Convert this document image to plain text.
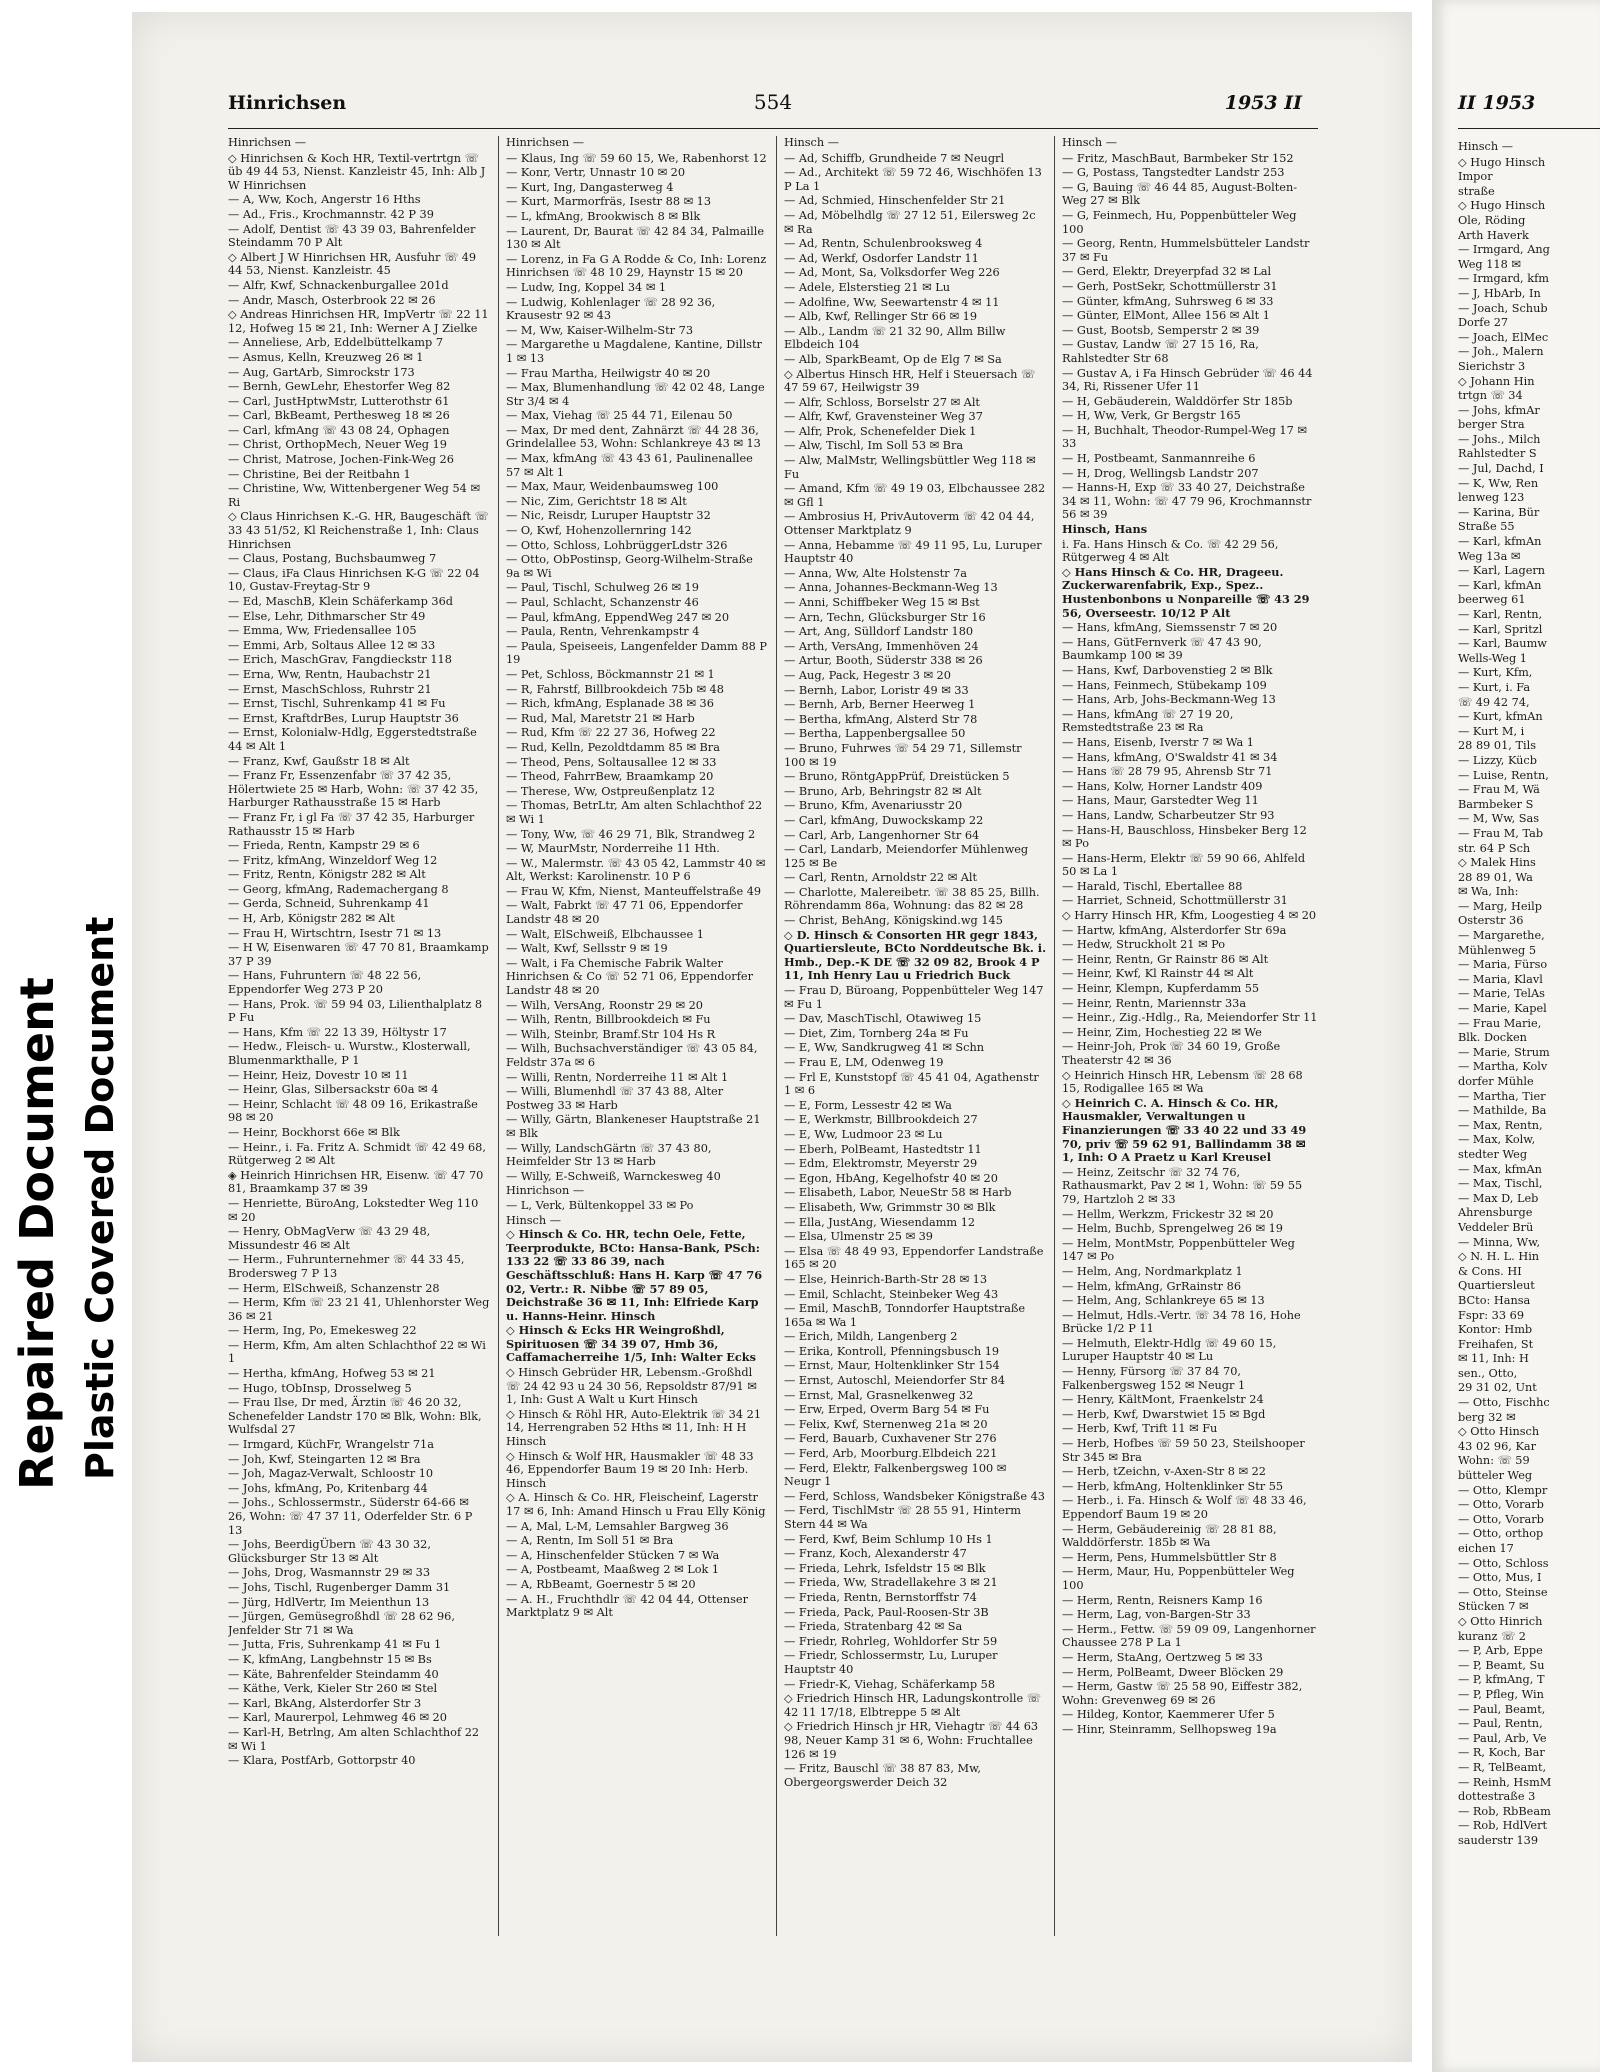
Repaired Document Plastic Covered Document
Hinrichsen	554	1953 II
Hinrichsen —
◇ Hinrichsen & Koch HR, Textil-vertrtgn ☏ üb 49 44 53, Nienst. Kanzleistr 45, Inh: Alb J W Hinrichsen
— A, Ww, Koch, Angerstr 16 Hths
— Ad., Fris., Krochmannstr. 42 P 39
— Adolf, Dentist ☏ 43 39 03, Bahrenfelder Steindamm 70 P Alt
◇ Albert J W Hinrichsen HR, Ausfuhr ☏ 49 44 53, Nienst. Kanzleistr. 45
— Alfr, Kwf, Schnackenburgallee 201d
— Andr, Masch, Osterbrook 22 ✉ 26
◇ Andreas Hinrichsen HR, ImpVertr ☏ 22 11 12, Hofweg 15 ✉ 21, Inh: Werner A J Zielke
— Anneliese, Arb, Eddelbüttelkamp 7
— Asmus, Kelln, Kreuzweg 26 ✉ 1
— Aug, GartArb, Simrockstr 173
— Bernh, GewLehr, Ehestorfer Weg 82
— Carl, JustHptwMstr, Lutterothstr 61
— Carl, BkBeamt, Perthesweg 18 ✉ 26
— Carl, kfmAng ☏ 43 08 24, Ophagen
— Christ, OrthopMech, Neuer Weg 19
— Christ, Matrose, Jochen-Fink-Weg 26
— Christine, Bei der Reitbahn 1
— Christine, Ww, Wittenbergener Weg 54 ✉ Ri
◇ Claus Hinrichsen K.-G. HR, Baugeschäft ☏ 33 43 51/52, Kl Reichenstraße 1, Inh: Claus Hinrichsen
— Claus, Postang, Buchsbaumweg 7
— Claus, iFa Claus Hinrichsen K-G ☏ 22 04 10, Gustav-Freytag-Str 9
— Ed, MaschB, Klein Schäferkamp 36d
— Else, Lehr, Dithmarscher Str 49
— Emma, Ww, Friedensallee 105
— Emmi, Arb, Soltaus Allee 12 ✉ 33
— Erich, MaschGrav, Fangdieckstr 118
— Erna, Ww, Rentn, Haubachstr 21
— Ernst, MaschSchloss, Ruhrstr 21
— Ernst, Tischl, Suhrenkamp 41 ✉ Fu
— Ernst, KraftdrBes, Lurup Hauptstr 36
— Ernst, Kolonialw-Hdlg, Eggerstedtstraße 44 ✉ Alt 1
— Franz, Kwf, Gaußstr 18 ✉ Alt
— Franz Fr, Essenzenfabr ☏ 37 42 35, Hölertwiete 25 ✉ Harb, Wohn: ☏ 37 42 35, Harburger Rathausstraße 15 ✉ Harb
— Franz Fr, i gl Fa ☏ 37 42 35, Harburger Rathausstr 15 ✉ Harb
— Frieda, Rentn, Kampstr 29 ✉ 6
— Fritz, kfmAng, Winzeldorf Weg 12
— Fritz, Rentn, Königstr 282 ✉ Alt
— Georg, kfmAng, Rademachergang 8
— Gerda, Schneid, Suhrenkamp 41
— H, Arb, Königstr 282 ✉ Alt
— Frau H, Wirtschtrn, Isestr 71 ✉ 13
— H W, Eisenwaren ☏ 47 70 81, Braamkamp 37 P 39
— Hans, Fuhruntern ☏ 48 22 56, Eppendorfer Weg 273 P 20
— Hans, Prok. ☏ 59 94 03, Lilienthalplatz 8 P Fu
— Hans, Kfm ☏ 22 13 39, Höltystr 17
— Hedw., Fleisch- u. Wurstw., Klosterwall, Blumenmarkthalle, P 1
— Heinr, Heiz, Dovestr 10 ✉ 11
— Heinr, Glas, Silbersackstr 60a ✉ 4
— Heinr, Schlacht ☏ 48 09 16, Erikastraße 98 ✉ 20
— Heinr, Bockhorst 66e ✉ Blk
— Heinr., i. Fa. Fritz A. Schmidt ☏ 42 49 68, Rütgerweg 2 ✉ Alt
◈ Heinrich Hinrichsen HR, Eisenw. ☏ 47 70 81, Braamkamp 37 ✉ 39
— Henriette, BüroAng, Lokstedter Weg 110 ✉ 20
— Henry, ObMagVerw ☏ 43 29 48, Missundestr 46 ✉ Alt
— Herm., Fuhrunternehmer ☏ 44 33 45, Brodersweg 7 P 13
— Herm, ElSchweiß, Schanzenstr 28
— Herm, Kfm ☏ 23 21 41, Uhlenhorster Weg 36 ✉ 21
— Herm, Ing, Po, Emekesweg 22
— Herm, Kfm, Am alten Schlachthof 22 ✉ Wi 1
— Hertha, kfmAng, Hofweg 53 ✉ 21
— Hugo, tObInsp, Drosselweg 5
— Frau Ilse, Dr med, Ärztin ☏ 46 20 32, Schenefelder Landstr 170 ✉ Blk, Wohn: Blk, Wulfsdal 27
— Irmgard, KüchFr, Wrangelstr 71a
— Joh, Kwf, Steingarten 12 ✉ Bra
— Joh, Magaz-Verwalt, Schloostr 10
— Johs, kfmAng, Po, Kritenbarg 44
— Johs., Schlossermstr., Süderstr 64-66 ✉ 26, Wohn: ☏ 47 37 11, Oderfelder Str. 6 P 13
— Johs, BeerdigÜbern ☏ 43 30 32, Glücksburger Str 13 ✉ Alt
— Johs, Drog, Wasmannstr 29 ✉ 33
— Johs, Tischl, Rugenberger Damm 31
— Jürg, HdlVertr, Im Meienthun 13
— Jürgen, Gemüsegroßhdl ☏ 28 62 96, Jenfelder Str 71 ✉ Wa
— Jutta, Fris, Suhrenkamp 41 ✉ Fu 1
— K, kfmAng, Langbehnstr 15 ✉ Bs
— Käte, Bahrenfelder Steindamm 40
— Käthe, Verk, Kieler Str 260 ✉ Stel
— Karl, BkAng, Alsterdorfer Str 3
— Karl, Maurerpol, Lehmweg 46 ✉ 20
— Karl-H, Betrlng, Am alten Schlachthof 22 ✉ Wi 1
— Klara, PostfArb, Gottorpstr 40
Hinrichsen —
— Klaus, Ing ☏ 59 60 15, We, Rabenhorst 12
— Konr, Vertr, Unnastr 10 ✉ 20
— Kurt, Ing, Dangasterweg 4
— Kurt, Marmorfräs, Isestr 88 ✉ 13
— L, kfmAng, Brookwisch 8 ✉ Blk
— Laurent, Dr, Baurat ☏ 42 84 34, Palmaille 130 ✉ Alt
— Lorenz, in Fa G A Rodde & Co, Inh: Lorenz Hinrichsen ☏ 48 10 29, Haynstr 15 ✉ 20
— Ludw, Ing, Koppel 34 ✉ 1
— Ludwig, Kohlenlager ☏ 28 92 36, Krausestr 92 ✉ 43
— M, Ww, Kaiser-Wilhelm-Str 73
— Margarethe u Magdalene, Kantine, Dillstr 1 ✉ 13
— Frau Martha, Heilwigstr 40 ✉ 20
— Max, Blumenhandlung ☏ 42 02 48, Lange Str 3/4 ✉ 4
— Max, Viehag ☏ 25 44 71, Eilenau 50
— Max, Dr med dent, Zahnärzt ☏ 44 28 36, Grindelallee 53, Wohn: Schlankreye 43 ✉ 13
— Max, kfmAng ☏ 43 43 61, Paulinenallee 57 ✉ Alt 1
— Max, Maur, Weidenbaumsweg 100
— Nic, Zim, Gerichtstr 18 ✉ Alt
— Nic, Reisdr, Luruper Hauptstr 32
— O, Kwf, Hohenzollernring 142
— Otto, Schloss, LohbrüggerLdstr 326
— Otto, ObPostinsp, Georg-Wilhelm-Straße 9a ✉ Wi
— Paul, Tischl, Schulweg 26 ✉ 19
— Paul, Schlacht, Schanzenstr 46
— Paul, kfmAng, EppendWeg 247 ✉ 20
— Paula, Rentn, Vehrenkampstr 4
— Paula, Speiseeis, Langenfelder Damm 88 P 19
— Pet, Schloss, Böckmannstr 21 ✉ 1
— R, Fahrstf, Billbrookdeich 75b ✉ 48
— Rich, kfmAng, Esplanade 38 ✉ 36
— Rud, Mal, Maretstr 21 ✉ Harb
— Rud, Kfm ☏ 22 27 36, Hofweg 22
— Rud, Kelln, Pezoldtdamm 85 ✉ Bra
— Theod, Pens, Soltausallee 12 ✉ 33
— Theod, FahrrBew, Braamkamp 20
— Therese, Ww, Ostpreußenplatz 12
— Thomas, BetrLtr, Am alten Schlachthof 22 ✉ Wi 1
— Tony, Ww, ☏ 46 29 71, Blk, Strandweg 2
— W, MaurMstr, Norderreihe 11 Hth.
— W., Malermstr. ☏ 43 05 42, Lammstr 40 ✉ Alt, Werkst: Karolinenstr. 10 P 6
— Frau W, Kfm, Nienst, Manteuffelstraße 49
— Walt, Fabrkt ☏ 47 71 06, Eppendorfer Landstr 48 ✉ 20
— Walt, ElSchweiß, Elbchaussee 1
— Walt, Kwf, Sellsstr 9 ✉ 19
— Walt, i Fa Chemische Fabrik Walter Hinrichsen & Co ☏ 52 71 06, Eppendorfer Landstr 48 ✉ 20
— Wilh, VersAng, Roonstr 29 ✉ 20
— Wilh, Rentn, Billbrookdeich ✉ Fu
— Wilh, Steinbr, Bramf.Str 104 Hs R
— Wilh, Buchsachverständiger ☏ 43 05 84, Feldstr 37a ✉ 6
— Willi, Rentn, Norderreihe 11 ✉ Alt 1
— Willi, Blumenhdl ☏ 37 43 88, Alter Postweg 33 ✉ Harb
— Willy, Gärtn, Blankeneser Hauptstraße 21 ✉ Blk
— Willy, LandschGärtn ☏ 37 43 80, Heimfelder Str 13 ✉ Harb
— Willy, E-Schweiß, Warnckesweg 40
Hinrichson —
— L, Verk, Bültenkoppel 33 ✉ Po
Hinsch —
◇ Hinsch & Co. HR, techn Oele, Fette, Teerprodukte, BCto: Hansa-Bank, PSch: 133 22 ☏ 33 86 39, nach Geschäftsschluß: Hans H. Karp ☏ 47 76 02, Vertr.: R. Nibbe ☏ 57 89 05, Deichstraße 36 ✉ 11, Inh: Elfriede Karp u. Hanns-Heinr. Hinsch
◇ Hinsch & Ecks HR Weingroßhdl, Spirituosen ☏ 34 39 07, Hmb 36, Caffamacherreihe 1/5, Inh: Walter Ecks
◇ Hinsch Gebrüder HR, Lebensm.-Großhdl ☏ 24 42 93 u 24 30 56, Repsoldstr 87/91 ✉ 1, Inh: Gust A Walt u Kurt Hinsch
◇ Hinsch & Röhl HR, Auto-Elektrik ☏ 34 21 14, Herrengraben 52 Hths ✉ 11, Inh: H H Hinsch
◇ Hinsch & Wolf HR, Hausmakler ☏ 48 33 46, Eppendorfer Baum 19 ✉ 20 Inh: Herb. Hinsch
◇ A. Hinsch & Co. HR, Fleischeinf, Lagerstr 17 ✉ 6, Inh: Amand Hinsch u Frau Elly König
— A, Mal, L-M, Lemsahler Bargweg 36
— A, Rentn, Im Soll 51 ✉ Bra
— A, Hinschenfelder Stücken 7 ✉ Wa
— A, Postbeamt, Maaßweg 2 ✉ Lok 1
— A, RbBeamt, Goernestr 5 ✉ 20
— A. H., Fruchthdlr ☏ 42 04 44, Ottenser Marktplatz 9 ✉ Alt
Hinsch —
— Ad, Schiffb, Grundheide 7 ✉ Neugrl
— Ad., Architekt ☏ 59 72 46, Wischhöfen 13 P La 1
— Ad, Schmied, Hinschenfelder Str 21
— Ad, Möbelhdlg ☏ 27 12 51, Eilersweg 2c ✉ Ra
— Ad, Rentn, Schulenbrooksweg 4
— Ad, Werkf, Osdorfer Landstr 11
— Ad, Mont, Sa, Volksdorfer Weg 226
— Adele, Elsterstieg 21 ✉ Lu
— Adolfine, Ww, Seewartenstr 4 ✉ 11
— Alb, Kwf, Rellinger Str 66 ✉ 19
— Alb., Landm ☏ 21 32 90, Allm Billw Elbdeich 104
— Alb, SparkBeamt, Op de Elg 7 ✉ Sa
◇ Albertus Hinsch HR, Helf i Steuersach ☏ 47 59 67, Heilwigstr 39
— Alfr, Schloss, Borselstr 27 ✉ Alt
— Alfr, Kwf, Gravensteiner Weg 37
— Alfr, Prok, Schenefelder Diek 1
— Alw, Tischl, Im Soll 53 ✉ Bra
— Alw, MalMstr, Wellingsbüttler Weg 118 ✉ Fu
— Amand, Kfm ☏ 49 19 03, Elbchaussee 282 ✉ Gfl 1
— Ambrosius H, PrivAutoverm ☏ 42 04 44, Ottenser Marktplatz 9
— Anna, Hebamme ☏ 49 11 95, Lu, Luruper Hauptstr 40
— Anna, Ww, Alte Holstenstr 7a
— Anna, Johannes-Beckmann-Weg 13
— Anni, Schiffbeker Weg 15 ✉ Bst
— Arn, Techn, Glücksburger Str 16
— Art, Ang, Sülldorf Landstr 180
— Arth, VersAng, Immenhöven 24
— Artur, Booth, Süderstr 338 ✉ 26
— Aug, Pack, Hegestr 3 ✉ 20
— Bernh, Labor, Loristr 49 ✉ 33
— Bernh, Arb, Berner Heerweg 1
— Bertha, kfmAng, Alsterd Str 78
— Bertha, Lappenbergsallee 50
— Bruno, Fuhrwes ☏ 54 29 71, Sillemstr 100 ✉ 19
— Bruno, RöntgAppPrüf, Dreistücken 5
— Bruno, Arb, Behringstr 82 ✉ Alt
— Bruno, Kfm, Avenariusstr 20
— Carl, kfmAng, Duwockskamp 22
— Carl, Arb, Langenhorner Str 64
— Carl, Landarb, Meiendorfer Mühlenweg 125 ✉ Be
— Carl, Rentn, Arnoldstr 22 ✉ Alt
— Charlotte, Malereibetr. ☏ 38 85 25, Billh. Röhrendamm 86a, Wohnung: das 82 ✉ 28
— Christ, BehAng, Königskind.wg 145
◇ D. Hinsch & Consorten HR gegr 1843, Quartiersleute, BCto Norddeutsche Bk. i. Hmb., Dep.-K DE ☏ 32 09 82, Brook 4 P 11, Inh Henry Lau u Friedrich Buck
— Frau D, Büroang, Poppenbütteler Weg 147 ✉ Fu 1
— Dav, MaschTischl, Otawiweg 15
— Diet, Zim, Tornberg 24a ✉ Fu
— E, Ww, Sandkrugweg 41 ✉ Schn
— Frau E, LM, Odenweg 19
— Frl E, Kunststopf ☏ 45 41 04, Agathenstr 1 ✉ 6
— E, Form, Lessestr 42 ✉ Wa
— E, Werkmstr, Billbrookdeich 27
— E, Ww, Ludmoor 23 ✉ Lu
— Eberh, PolBeamt, Hastedtstr 11
— Edm, Elektromstr, Meyerstr 29
— Egon, HbAng, Kegelhofstr 40 ✉ 20
— Elisabeth, Labor, NeueStr 58 ✉ Harb
— Elisabeth, Ww, Grimmstr 30 ✉ Blk
— Ella, JustAng, Wiesendamm 12
— Elsa, Ulmenstr 25 ✉ 39
— Elsa ☏ 48 49 93, Eppendorfer Landstraße 165 ✉ 20
— Else, Heinrich-Barth-Str 28 ✉ 13
— Emil, Schlacht, Steinbeker Weg 43
— Emil, MaschB, Tonndorfer Hauptstraße 165a ✉ Wa 1
— Erich, Mildh, Langenberg 2
— Erika, Kontroll, Pfenningsbusch 19
— Ernst, Maur, Holtenklinker Str 154
— Ernst, Autoschl, Meiendorfer Str 84
— Ernst, Mal, Grasnelkenweg 32
— Erw, Erped, Overm Barg 54 ✉ Fu
— Felix, Kwf, Sternenweg 21a ✉ 20
— Ferd, Bauarb, Cuxhavener Str 276
— Ferd, Arb, Moorburg.Elbdeich 221
— Ferd, Elektr, Falkenbergsweg 100 ✉ Neugr 1
— Ferd, Schloss, Wandsbeker Königstraße 43
— Ferd, TischlMstr ☏ 28 55 91, Hinterm Stern 44 ✉ Wa
— Ferd, Kwf, Beim Schlump 10 Hs 1
— Franz, Koch, Alexanderstr 47
— Frieda, Lehrk, Isfeldstr 15 ✉ Blk
— Frieda, Ww, Stradellakehre 3 ✉ 21
— Frieda, Rentn, Bernstorffstr 74
— Frieda, Pack, Paul-Roosen-Str 3B
— Frieda, Stratenbarg 42 ✉ Sa
— Friedr, Rohrleg, Wohldorfer Str 59
— Friedr, Schlossermstr, Lu, Luruper Hauptstr 40
— Friedr-K, Viehag, Schäferkamp 58
◇ Friedrich Hinsch HR, Ladungskontrolle ☏ 42 11 17/18, Elbtreppe 5 ✉ Alt
◇ Friedrich Hinsch jr HR, Viehagtr ☏ 44 63 98, Neuer Kamp 31 ✉ 6, Wohn: Fruchtallee 126 ✉ 19
— Fritz, Bauschl ☏ 38 87 83, Mw, Obergeorgswerder Deich 32
Hinsch —
— Fritz, MaschBaut, Barmbeker Str 152
— G, Postass, Tangstedter Landstr 253
— G, Bauing ☏ 46 44 85, August-Bolten-Weg 27 ✉ Blk
— G, Feinmech, Hu, Poppenbütteler Weg 100
— Georg, Rentn, Hummelsbütteler Landstr 37 ✉ Fu
— Gerd, Elektr, Dreyerpfad 32 ✉ Lal
— Gerh, PostSekr, Schottmüllerstr 31
— Günter, kfmAng, Suhrsweg 6 ✉ 33
— Günter, ElMont, Allee 156 ✉ Alt 1
— Gust, Bootsb, Semperstr 2 ✉ 39
— Gustav, Landw ☏ 27 15 16, Ra, Rahlstedter Str 68
— Gustav A, i Fa Hinsch Gebrüder ☏ 46 44 34, Ri, Rissener Ufer 11
— H, Gebäuderein, Walddörfer Str 185b
— H, Ww, Verk, Gr Bergstr 165
— H, Buchhalt, Theodor-Rumpel-Weg 17 ✉ 33
— H, Postbeamt, Sanmannreihe 6
— H, Drog, Wellingsb Landstr 207
— Hanns-H, Exp ☏ 33 40 27, Deichstraße 34 ✉ 11, Wohn: ☏ 47 79 96, Krochmannstr 56 ✉ 39
Hinsch, Hans
i. Fa. Hans Hinsch & Co. ☏ 42 29 56, Rütgerweg 4 ✉ Alt
◇ Hans Hinsch & Co. HR, Drageeu. Zuckerwarenfabrik, Exp., Spez.. Hustenbonbons u Nonpareille ☏ 43 29 56, Overseestr. 10/12 P Alt
— Hans, kfmAng, Siemssenstr 7 ✉ 20
— Hans, GütFernverk ☏ 47 43 90, Baumkamp 100 ✉ 39
— Hans, Kwf, Darbovenstieg 2 ✉ Blk
— Hans, Feinmech, Stübekamp 109
— Hans, Arb, Johs-Beckmann-Weg 13
— Hans, kfmAng ☏ 27 19 20, Remstedtstraße 23 ✉ Ra
— Hans, Eisenb, Iverstr 7 ✉ Wa 1
— Hans, kfmAng, O'Swaldstr 41 ✉ 34
— Hans ☏ 28 79 95, Ahrensb Str 71
— Hans, Kolw, Horner Landstr 409
— Hans, Maur, Garstedter Weg 11
— Hans, Landw, Scharbeutzer Str 93
— Hans-H, Bauschloss, Hinsbeker Berg 12 ✉ Po
— Hans-Herm, Elektr ☏ 59 90 66, Ahlfeld 50 ✉ La 1
— Harald, Tischl, Ebertallee 88
— Harriet, Schneid, Schottmüllerstr 31
◇ Harry Hinsch HR, Kfm, Loogestieg 4 ✉ 20
— Hartw, kfmAng, Alsterdorfer Str 69a
— Hedw, Struckholt 21 ✉ Po
— Heinr, Rentn, Gr Rainstr 86 ✉ Alt
— Heinr, Kwf, Kl Rainstr 44 ✉ Alt
— Heinr, Klempn, Kupferdamm 55
— Heinr, Rentn, Mariennstr 33a
— Heinr., Zig.-Hdlg., Ra, Meiendorfer Str 11
— Heinr, Zim, Hochestieg 22 ✉ We
— Heinr-Joh, Prok ☏ 34 60 19, Große Theaterstr 42 ✉ 36
◇ Heinrich Hinsch HR, Lebensm ☏ 28 68 15, Rodigallee 165 ✉ Wa
◇ Heinrich C. A. Hinsch & Co. HR, Hausmakler, Verwaltungen u Finanzierungen ☏ 33 40 22 und 33 49 70, priv ☏ 59 62 91, Ballindamm 38 ✉ 1, Inh: O A Praetz u Karl Kreusel
— Heinz, Zeitschr ☏ 32 74 76, Rathausmarkt, Pav 2 ✉ 1, Wohn: ☏ 59 55 79, Hartzloh 2 ✉ 33
— Hellm, Werkzm, Frickestr 32 ✉ 20
— Helm, Buchb, Sprengelweg 26 ✉ 19
— Helm, MontMstr, Poppenbütteler Weg 147 ✉ Po
— Helm, Ang, Nordmarkplatz 1
— Helm, kfmAng, GrRainstr 86
— Helm, Ang, Schlankreye 65 ✉ 13
— Helmut, Hdls.-Vertr. ☏ 34 78 16, Hohe Brücke 1/2 P 11
— Helmuth, Elektr-Hdlg ☏ 49 60 15, Luruper Hauptstr 40 ✉ Lu
— Henny, Fürsorg ☏ 37 84 70, Falkenbergsweg 152 ✉ Neugr 1
— Henry, KältMont, Fraenkelstr 24
— Herb, Kwf, Dwarstwiet 15 ✉ Bgd
— Herb, Kwf, Trift 11 ✉ Fu
— Herb, Hofbes ☏ 59 50 23, Steilshooper Str 345 ✉ Bra
— Herb, tZeichn, v-Axen-Str 8 ✉ 22
— Herb, kfmAng, Holtenklinker Str 55
— Herb., i. Fa. Hinsch & Wolf ☏ 48 33 46, Eppendorf Baum 19 ✉ 20
— Herm, Gebäudereinig ☏ 28 81 88, Walddörferstr. 185b ✉ Wa
— Herm, Pens, Hummelsbüttler Str 8
— Herm, Maur, Hu, Poppenbütteler Weg 100
— Herm, Rentn, Reisners Kamp 16
— Herm, Lag, von-Bargen-Str 33
— Herm., Fettw. ☏ 59 09 09, Langenhorner Chaussee 278 P La 1
— Herm, StaAng, Oertzweg 5 ✉ 33
— Herm, PolBeamt, Dweer Blöcken 29
— Herm, Gastw ☏ 25 58 90, Eiffestr 382, Wohn: Grevenweg 69 ✉ 26
— Hildeg, Kontor, Kaemmerer Ufer 5
— Hinr, Steinramm, Sellhopsweg 19a
II 1953
Hinsch —
◇ Hugo Hinsch
Impor
straße
◇ Hugo Hinsch
Ole, Röding
Arth Haverk
— Irmgard, Ang
Weg 118 ✉
— Irmgard, kfm
— J, HbArb, In
— Joach, Schub
Dorfe 27
— Joach, ElMec
— Joh., Malern
Sierichstr 3
◇ Johann Hin
trtgn ☏ 34
— Johs, kfmAr
berger Stra
— Johs., Milch
Rahlstedter S
— Jul, Dachd, I
— K, Ww, Ren
lenweg 123
— Karina, Bür
Straße 55
— Karl, kfmAn
Weg 13a ✉
— Karl, Lagern
— Karl, kfmAn
beerweg 61
— Karl, Rentn,
— Karl, Spritzl
— Karl, Baumw
Wells-Weg 1
— Kurt, Kfm,
— Kurt, i. Fa
☏ 49 42 74,
— Kurt, kfmAn
— Kurt M, i
28 89 01, Tils
— Lizzy, Kücb
— Luise, Rentn,
— Frau M, Wä
Barmbeker S
— M, Ww, Sas
— Frau M, Tab
str. 64 P Sch
◇ Malek Hins
28 89 01, Wa
✉ Wa, Inh:
— Marg, Heilp
Osterstr 36
— Margarethe,
Mühlenweg 5
— Maria, Fürso
— Maria, Klavl
— Marie, TelAs
— Marie, Kapel
— Frau Marie,
Blk. Docken
— Marie, Strum
— Martha, Kolv
dorfer Mühle
— Martha, Tier
— Mathilde, Ba
— Max, Rentn,
— Max, Kolw,
stedter Weg
— Max, kfmAn
— Max, Tischl,
— Max D, Leb
Ahrensburge
Veddeler Brü
— Minna, Ww,
◇ N. H. L. Hin
& Cons. HI
Quartiersleut
BCto: Hansa
Fspr: 33 69
Kontor: Hmb
Freihafen, St
✉ 11, Inh: H
sen., Otto,
29 31 02, Unt
— Otto, Fischhc
berg 32 ✉
◇ Otto Hinsch
43 02 96, Kar
Wohn: ☏ 59
bütteler Weg
— Otto, Klempr
— Otto, Vorarb
— Otto, Vorarb
— Otto, orthop
eichen 17
— Otto, Schloss
— Otto, Mus, I
— Otto, Steinse
Stücken 7 ✉
◇ Otto Hinrich
kuranz ☏ 2
— P, Arb, Eppe
— P, Beamt, Su
— P, kfmAng, T
— P, Pfleg, Win
— Paul, Beamt,
— Paul, Rentn,
— Paul, Arb, Ve
— R, Koch, Bar
— R, TelBeamt,
— Reinh, HsmM
dottestraße 3
— Rob, RbBeam
— Rob, HdlVert
sauderstr 139
